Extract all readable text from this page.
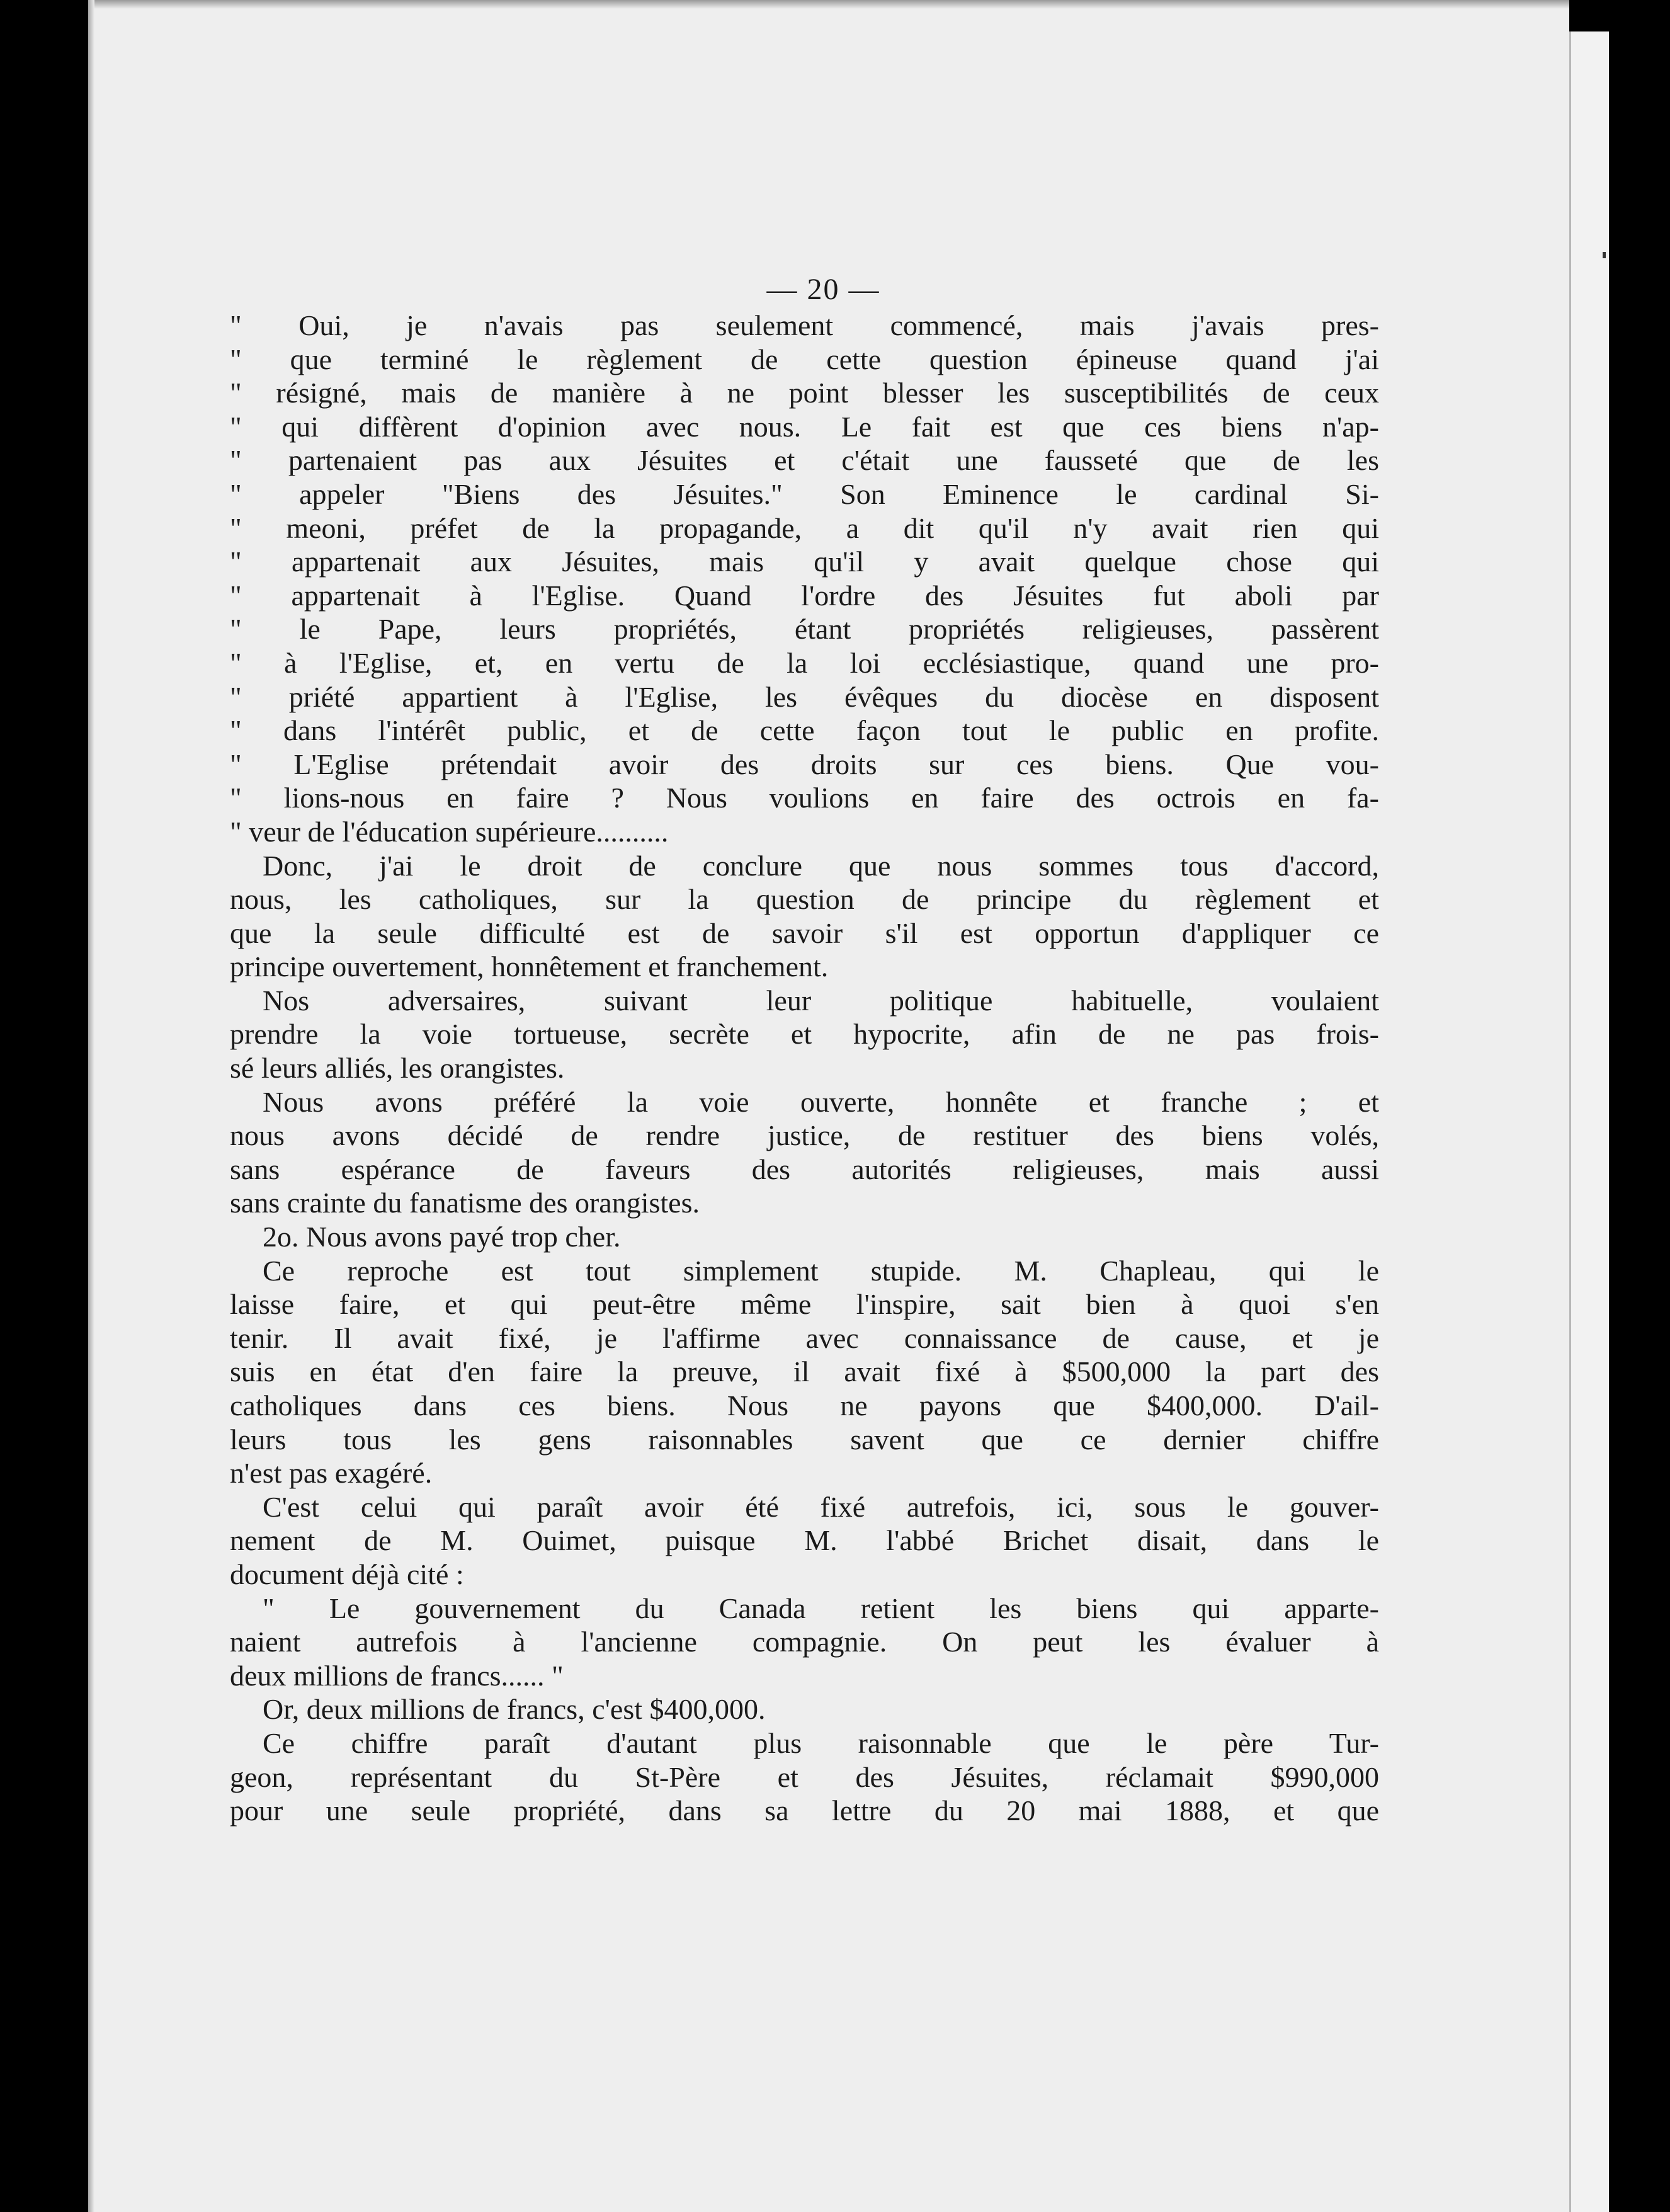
— 20 —
" Oui, je n'avais pas seulement commencé, mais j'avais pres-
" que terminé le règlement de cette question épineuse quand j'ai
" résigné, mais de manière à ne point blesser les susceptibilités de ceux
" qui diffèrent d'opinion avec nous. Le fait est que ces biens n'ap-
" partenaient pas aux Jésuites et c'était une fausseté que de les
" appeler "Biens des Jésuites." Son Eminence le cardinal Si-
" meoni, préfet de la propagande, a dit qu'il n'y avait rien qui
" appartenait aux Jésuites, mais qu'il y avait quelque chose qui
" appartenait à l'Eglise. Quand l'ordre des Jésuites fut aboli par
" le Pape, leurs propriétés, étant propriétés religieuses, passèrent
" à l'Eglise, et, en vertu de la loi ecclésiastique, quand une pro-
" priété appartient à l'Eglise, les évêques du diocèse en disposent
" dans l'intérêt public, et de cette façon tout le public en profite.
" L'Eglise prétendait avoir des droits sur ces biens. Que vou-
" lions-nous en faire ? Nous voulions en faire des octrois en fa-
" veur de l'éducation supérieure..........
Donc, j'ai le droit de conclure que nous sommes tous d'accord,
nous, les catholiques, sur la question de principe du règlement et
que la seule difficulté est de savoir s'il est opportun d'appliquer ce
principe ouvertement, honnêtement et franchement.
Nos adversaires, suivant leur politique habituelle, voulaient
prendre la voie tortueuse, secrète et hypocrite, afin de ne pas frois-
sé leurs alliés, les orangistes.
Nous avons préféré la voie ouverte, honnête et franche ; et
nous avons décidé de rendre justice, de restituer des biens volés,
sans espérance de faveurs des autorités religieuses, mais aussi
sans crainte du fanatisme des orangistes.
2o. Nous avons payé trop cher.
Ce reproche est tout simplement stupide. M. Chapleau, qui le
laisse faire, et qui peut-être même l'inspire, sait bien à quoi s'en
tenir. Il avait fixé, je l'affirme avec connaissance de cause, et je
suis en état d'en faire la preuve, il avait fixé à $500,000 la part des
catholiques dans ces biens. Nous ne payons que $400,000. D'ail-
leurs tous les gens raisonnables savent que ce dernier chiffre
n'est pas exagéré.
C'est celui qui paraît avoir été fixé autrefois, ici, sous le gouver-
nement de M. Ouimet, puisque M. l'abbé Brichet disait, dans le
document déjà cité :
" Le gouvernement du Canada retient les biens qui apparte-
naient autrefois à l'ancienne compagnie. On peut les évaluer à
deux millions de francs...... "
Or, deux millions de francs, c'est $400,000.
Ce chiffre paraît d'autant plus raisonnable que le père Tur-
geon, représentant du St-Père et des Jésuites, réclamait $990,000
pour une seule propriété, dans sa lettre du 20 mai 1888, et que
